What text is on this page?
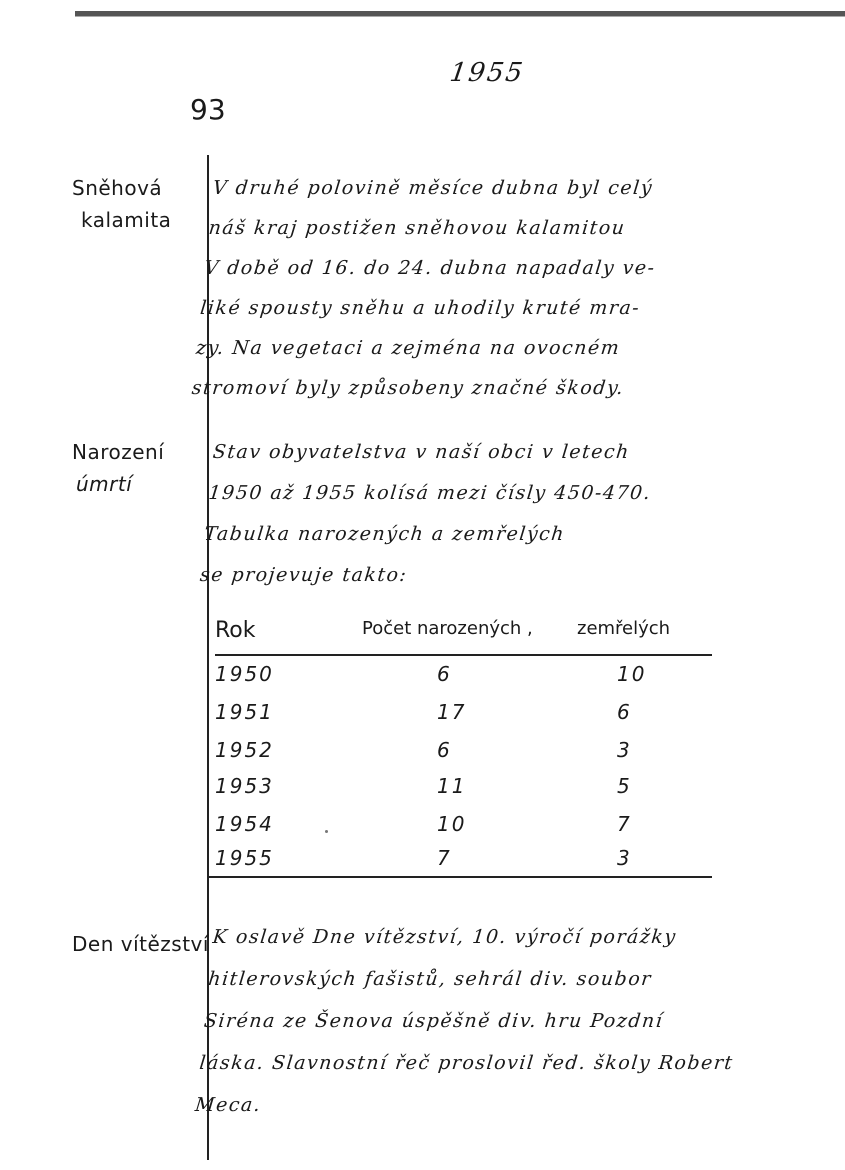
1955
93
Sněhová
kalamita
V druhé polovině měsíce dubna byl celý
náš kraj postižen sněhovou kalamitou
V době od 16. do 24. dubna napadaly ve-
liké spousty sněhu a uhodily kruté mra-
zy. Na vegetaci a zejména na ovocném
stromoví byly způsobeny značné škody.
Narození
úmrtí
Stav obyvatelstva v naší obci v letech
1950 až 1955 kolísá mezi čísly 450-470.
Tabulka narozených a zemřelých
se projevuje takto:
Rok	Počet narozených , zemřelých
1950	6	10
1951	17	6
1952	6	3
1953	11	5
1954	10	7
1955	7	3
Den vítězství K oslavě Dne vítězství, 10. výročí porážky
hitlerovských fašistů, sehrál div. soubor
Siréna ze Šenova úspěšně div. hru Pozdní
láska. Slavnostní řeč proslovil řed. školy Robert
Meca.
